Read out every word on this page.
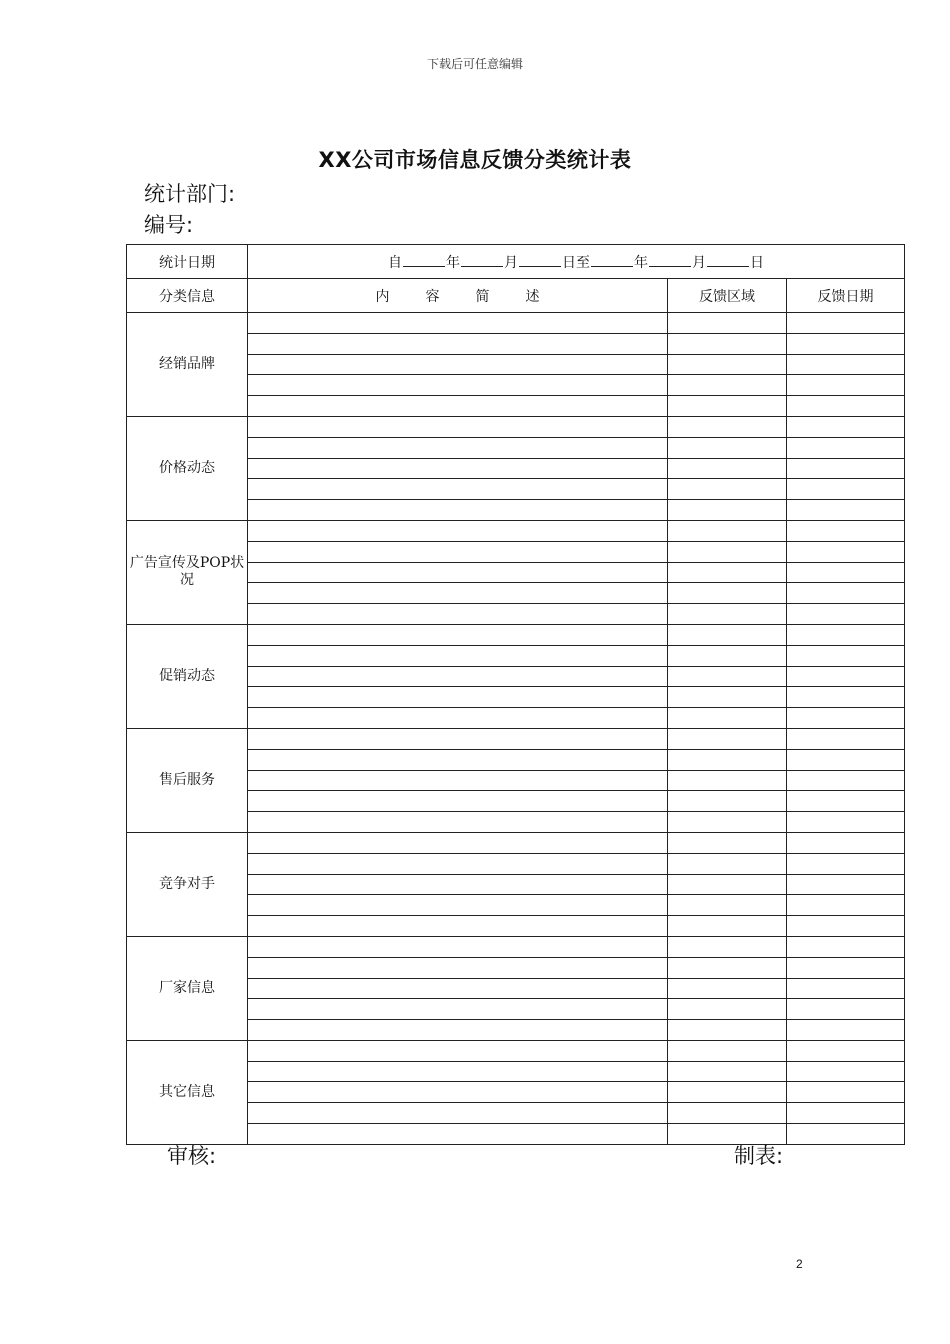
下载后可任意编辑
XX公司市场信息反馈分类统计表
统计部门:
编号:
统计日期	自 年 月 日至 年 月 日		
分类信息	内 容 简 述	反馈区域	反馈日期
经销品牌			

价格动态			

广告宣传及POP状况			

促销动态			

售后服务			

竞争对手			

厂家信息			

其它信息			

审核:	制表:
2
